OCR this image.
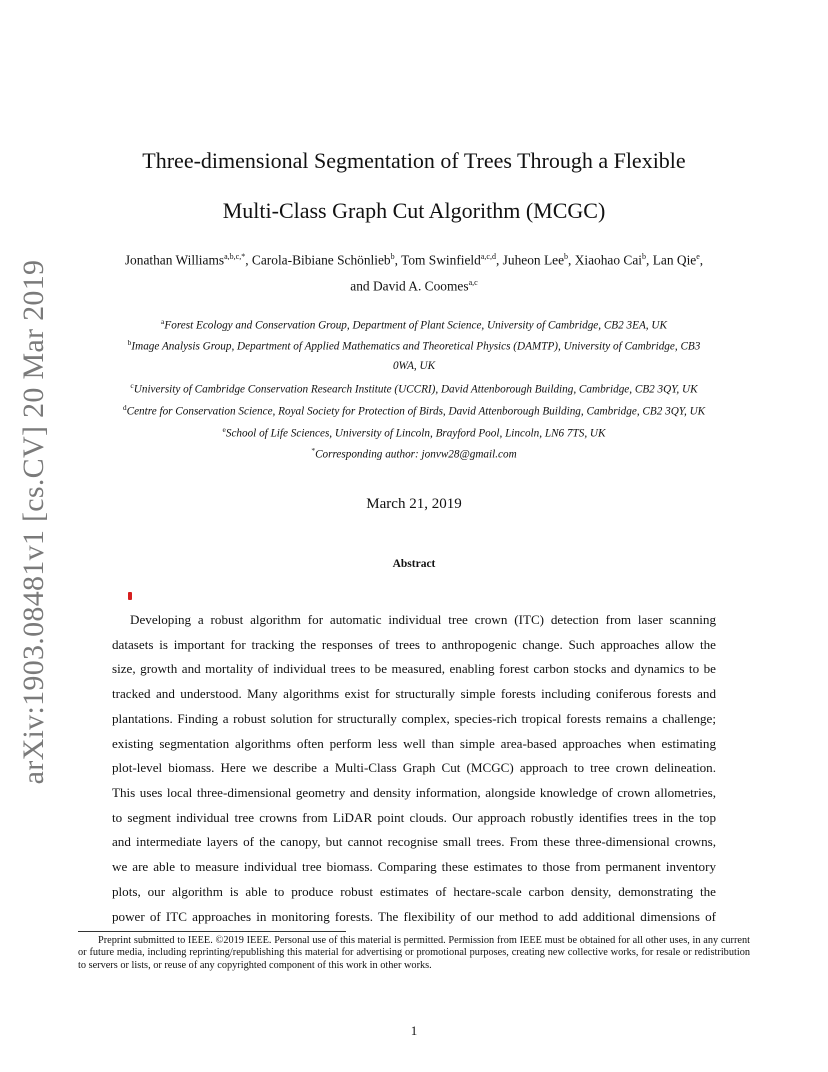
arXiv:1903.08481v1 [cs.CV] 20 Mar 2019
Three-dimensional Segmentation of Trees Through a Flexible
Multi-Class Graph Cut Algorithm (MCGC)
Jonathan Williams$^{a,b,c,*}$, Carola-Bibiane Schönlieb$^b$, Tom Swinfield$^{a,c,d}$, Juheon Lee$^b$, Xiaohao Cai$^b$, Lan Qie$^e$,
and David A. Coomes$^{a,c}$
$^a$Forest Ecology and Conservation Group, Department of Plant Science, University of Cambridge, CB2 3EA, UK
$^b$Image Analysis Group, Department of Applied Mathematics and Theoretical Physics (DAMTP), University of Cambridge, CB3
0WA, UK
$^c$University of Cambridge Conservation Research Institute (UCCRI), David Attenborough Building, Cambridge, CB2 3QY, UK
$^d$Centre for Conservation Science, Royal Society for Protection of Birds, David Attenborough Building, Cambridge, CB2 3QY, UK
$^e$School of Life Sciences, University of Lincoln, Brayford Pool, Lincoln, LN6 7TS, UK
*Corresponding author: jonvw28@gmail.com
March 21, 2019
Abstract
Developing a robust algorithm for automatic individual tree crown (ITC) detection from laser scanning
datasets is important for tracking the responses of trees to anthropogenic change. Such approaches allow the
size, growth and mortality of individual trees to be measured, enabling forest carbon stocks and dynamics to be
tracked and understood. Many algorithms exist for structurally simple forests including coniferous forests and
plantations. Finding a robust solution for structurally complex, species-rich tropical forests remains a challenge;
existing segmentation algorithms often perform less well than simple area-based approaches when estimating
plot-level biomass. Here we describe a Multi-Class Graph Cut (MCGC) approach to tree crown delineation.
This uses local three-dimensional geometry and density information, alongside knowledge of crown allometries,
to segment individual tree crowns from LiDAR point clouds. Our approach robustly identifies trees in the top
and intermediate layers of the canopy, but cannot recognise small trees. From these three-dimensional crowns,
we are able to measure individual tree biomass. Comparing these estimates to those from permanent inventory
plots, our algorithm is able to produce robust estimates of hectare-scale carbon density, demonstrating the
power of ITC approaches in monitoring forests. The flexibility of our method to add additional dimensions of
Preprint submitted to IEEE. ©2019 IEEE. Personal use of this material is permitted. Permission from IEEE must be obtained for all other uses, in any current or future media, including reprinting/republishing this material for advertising or promotional purposes, creating new collective works, for resale or redistribution to servers or lists, or reuse of any copyrighted component of this work in other works.
1
